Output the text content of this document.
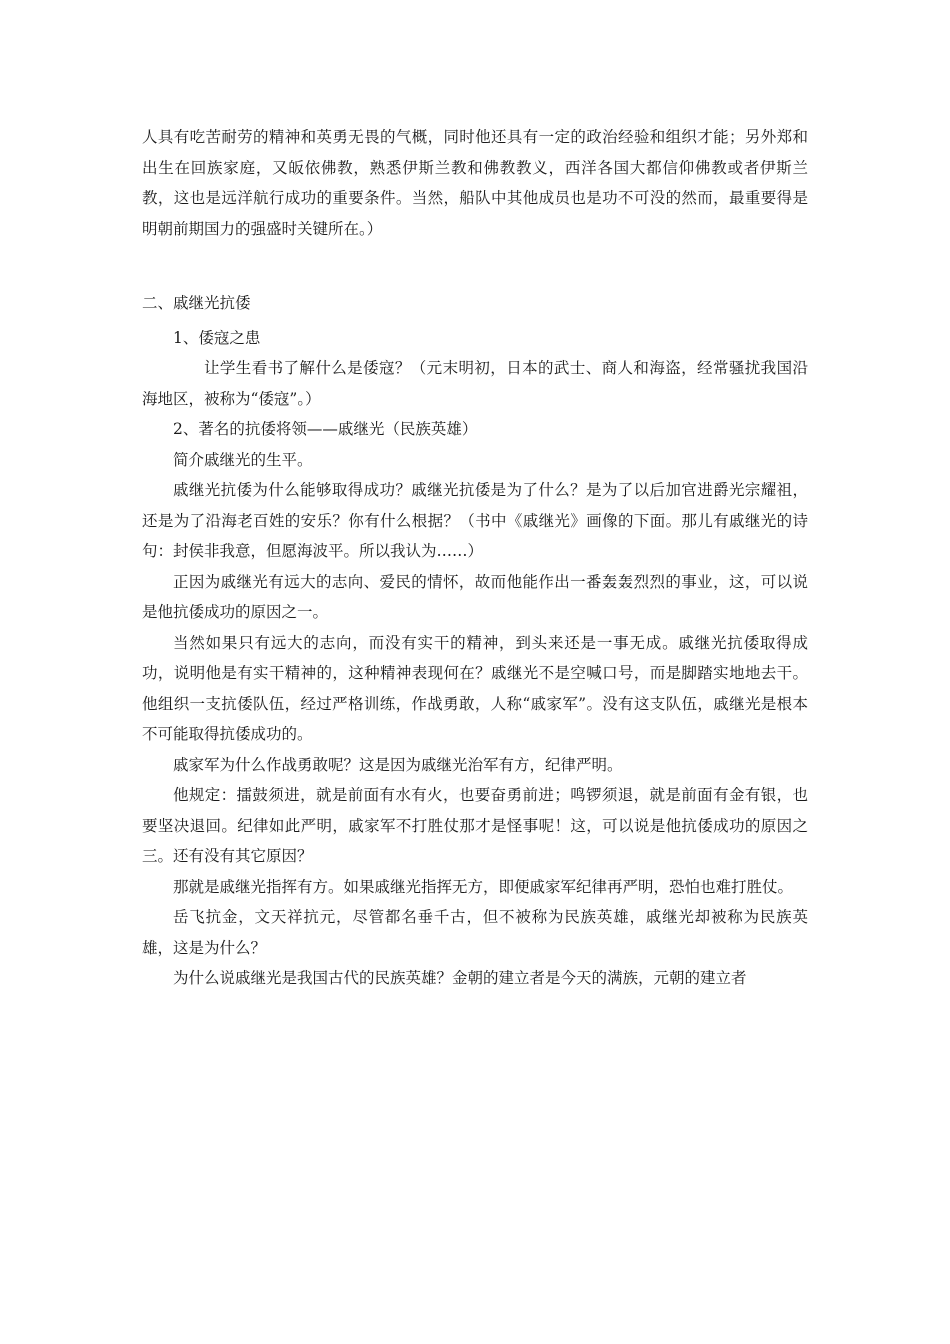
人具有吃苦耐劳的精神和英勇无畏的气概，同时他还具有一定的政治经验和组织才能；另外郑和出生在回族家庭，又皈依佛教，熟悉伊斯兰教和佛教教义，西洋各国大都信仰佛教或者伊斯兰教，这也是远洋航行成功的重要条件。当然，船队中其他成员也是功不可没的然而，最重要得是明朝前期国力的强盛时关键所在。）

二、戚继光抗倭

1、倭寇之患

让学生看书了解什么是倭寇？（元末明初，日本的武士、商人和海盗，经常骚扰我国沿海地区，被称为“倭寇”。）

2、著名的抗倭将领——戚继光（民族英雄）

简介戚继光的生平。

戚继光抗倭为什么能够取得成功？戚继光抗倭是为了什么？是为了以后加官进爵光宗耀祖，还是为了沿海老百姓的安乐？你有什么根据？（书中《戚继光》画像的下面。那儿有戚继光的诗句：封侯非我意，但愿海波平。所以我认为……）

正因为戚继光有远大的志向、爱民的情怀，故而他能作出一番轰轰烈烈的事业，这，可以说是他抗倭成功的原因之一。

当然如果只有远大的志向，而没有实干的精神，到头来还是一事无成。戚继光抗倭取得成功，说明他是有实干精神的，这种精神表现何在？戚继光不是空喊口号，而是脚踏实地地去干。他组织一支抗倭队伍，经过严格训练，作战勇敢，人称“戚家军”。没有这支队伍，戚继光是根本不可能取得抗倭成功的。

戚家军为什么作战勇敢呢？这是因为戚继光治军有方，纪律严明。

他规定：擂鼓须进，就是前面有水有火，也要奋勇前进；鸣锣须退，就是前面有金有银，也要坚决退回。纪律如此严明，戚家军不打胜仗那才是怪事呢！这，可以说是他抗倭成功的原因之三。还有没有其它原因？

那就是戚继光指挥有方。如果戚继光指挥无方，即便戚家军纪律再严明，恐怕也难打胜仗。

岳飞抗金，文天祥抗元，尽管都名垂千古，但不被称为民族英雄，戚继光却被称为民族英雄，这是为什么？

为什么说戚继光是我国古代的民族英雄？金朝的建立者是今天的满族，元朝的建立者
